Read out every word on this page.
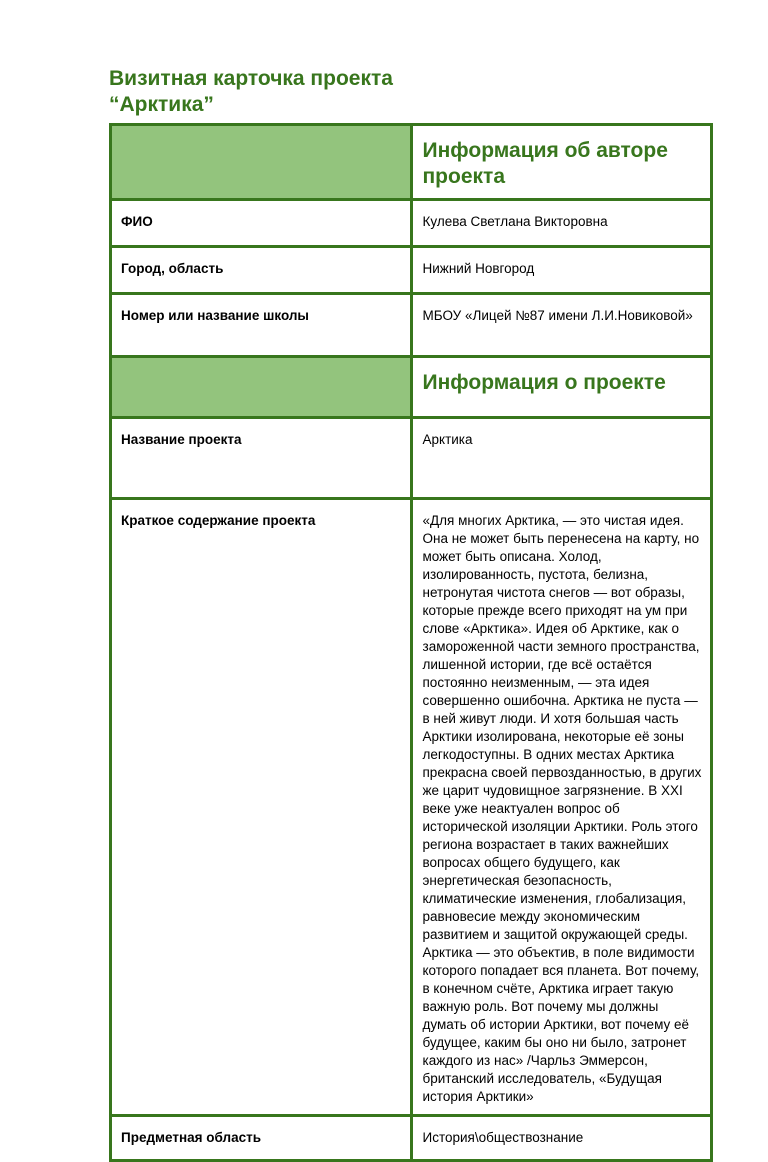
Визитная карточка проекта
“Арктика”
	Информация об авторе проекта
ФИО	Кулева Светлана Викторовна
Город, область	Нижний Новгород
Номер или название школы	МБОУ «Лицей №87 имени Л.И.Новиковой»
	Информация о проекте
Название проекта	Арктика
Краткое содержание проекта	«Для многих Арктика, — это чистая идея. Она не может быть перенесена на карту, но может быть описана. Холод, изолированность, пустота, белизна, нетронутая чистота снегов — вот образы, которые прежде всего приходят на ум при слове «Арктика». Идея об Арктике, как о замороженной части земного пространства, лишенной истории, где всё остаётся постоянно неизменным, — эта идея совершенно ошибочна. Арктика не пуста — в ней живут люди. И хотя большая часть Арктики изолирована, некоторые её зоны легкодоступны. В одних местах Арктика прекрасна своей первозданностью, в других же царит чудовищное загрязнение. В XXI веке уже неактуален вопрос об исторической изоляции Арктики. Роль этого региона возрастает в таких важнейших вопросах общего будущего, как энергетическая безопасность, климатические изменения, глобализация, равновесие между экономическим развитием и защитой окружающей среды. Арктика — это объектив, в поле видимости которого попадает вся планета. Вот почему, в конечном счёте, Арктика играет такую важную роль. Вот почему мы должны думать об истории Арктики, вот почему её будущее, каким бы оно ни было, затронет каждого из нас» /Чарльз Эммерсон, британский исследователь, «Будущая история Арктики»
Предметная область	История\обществознание
